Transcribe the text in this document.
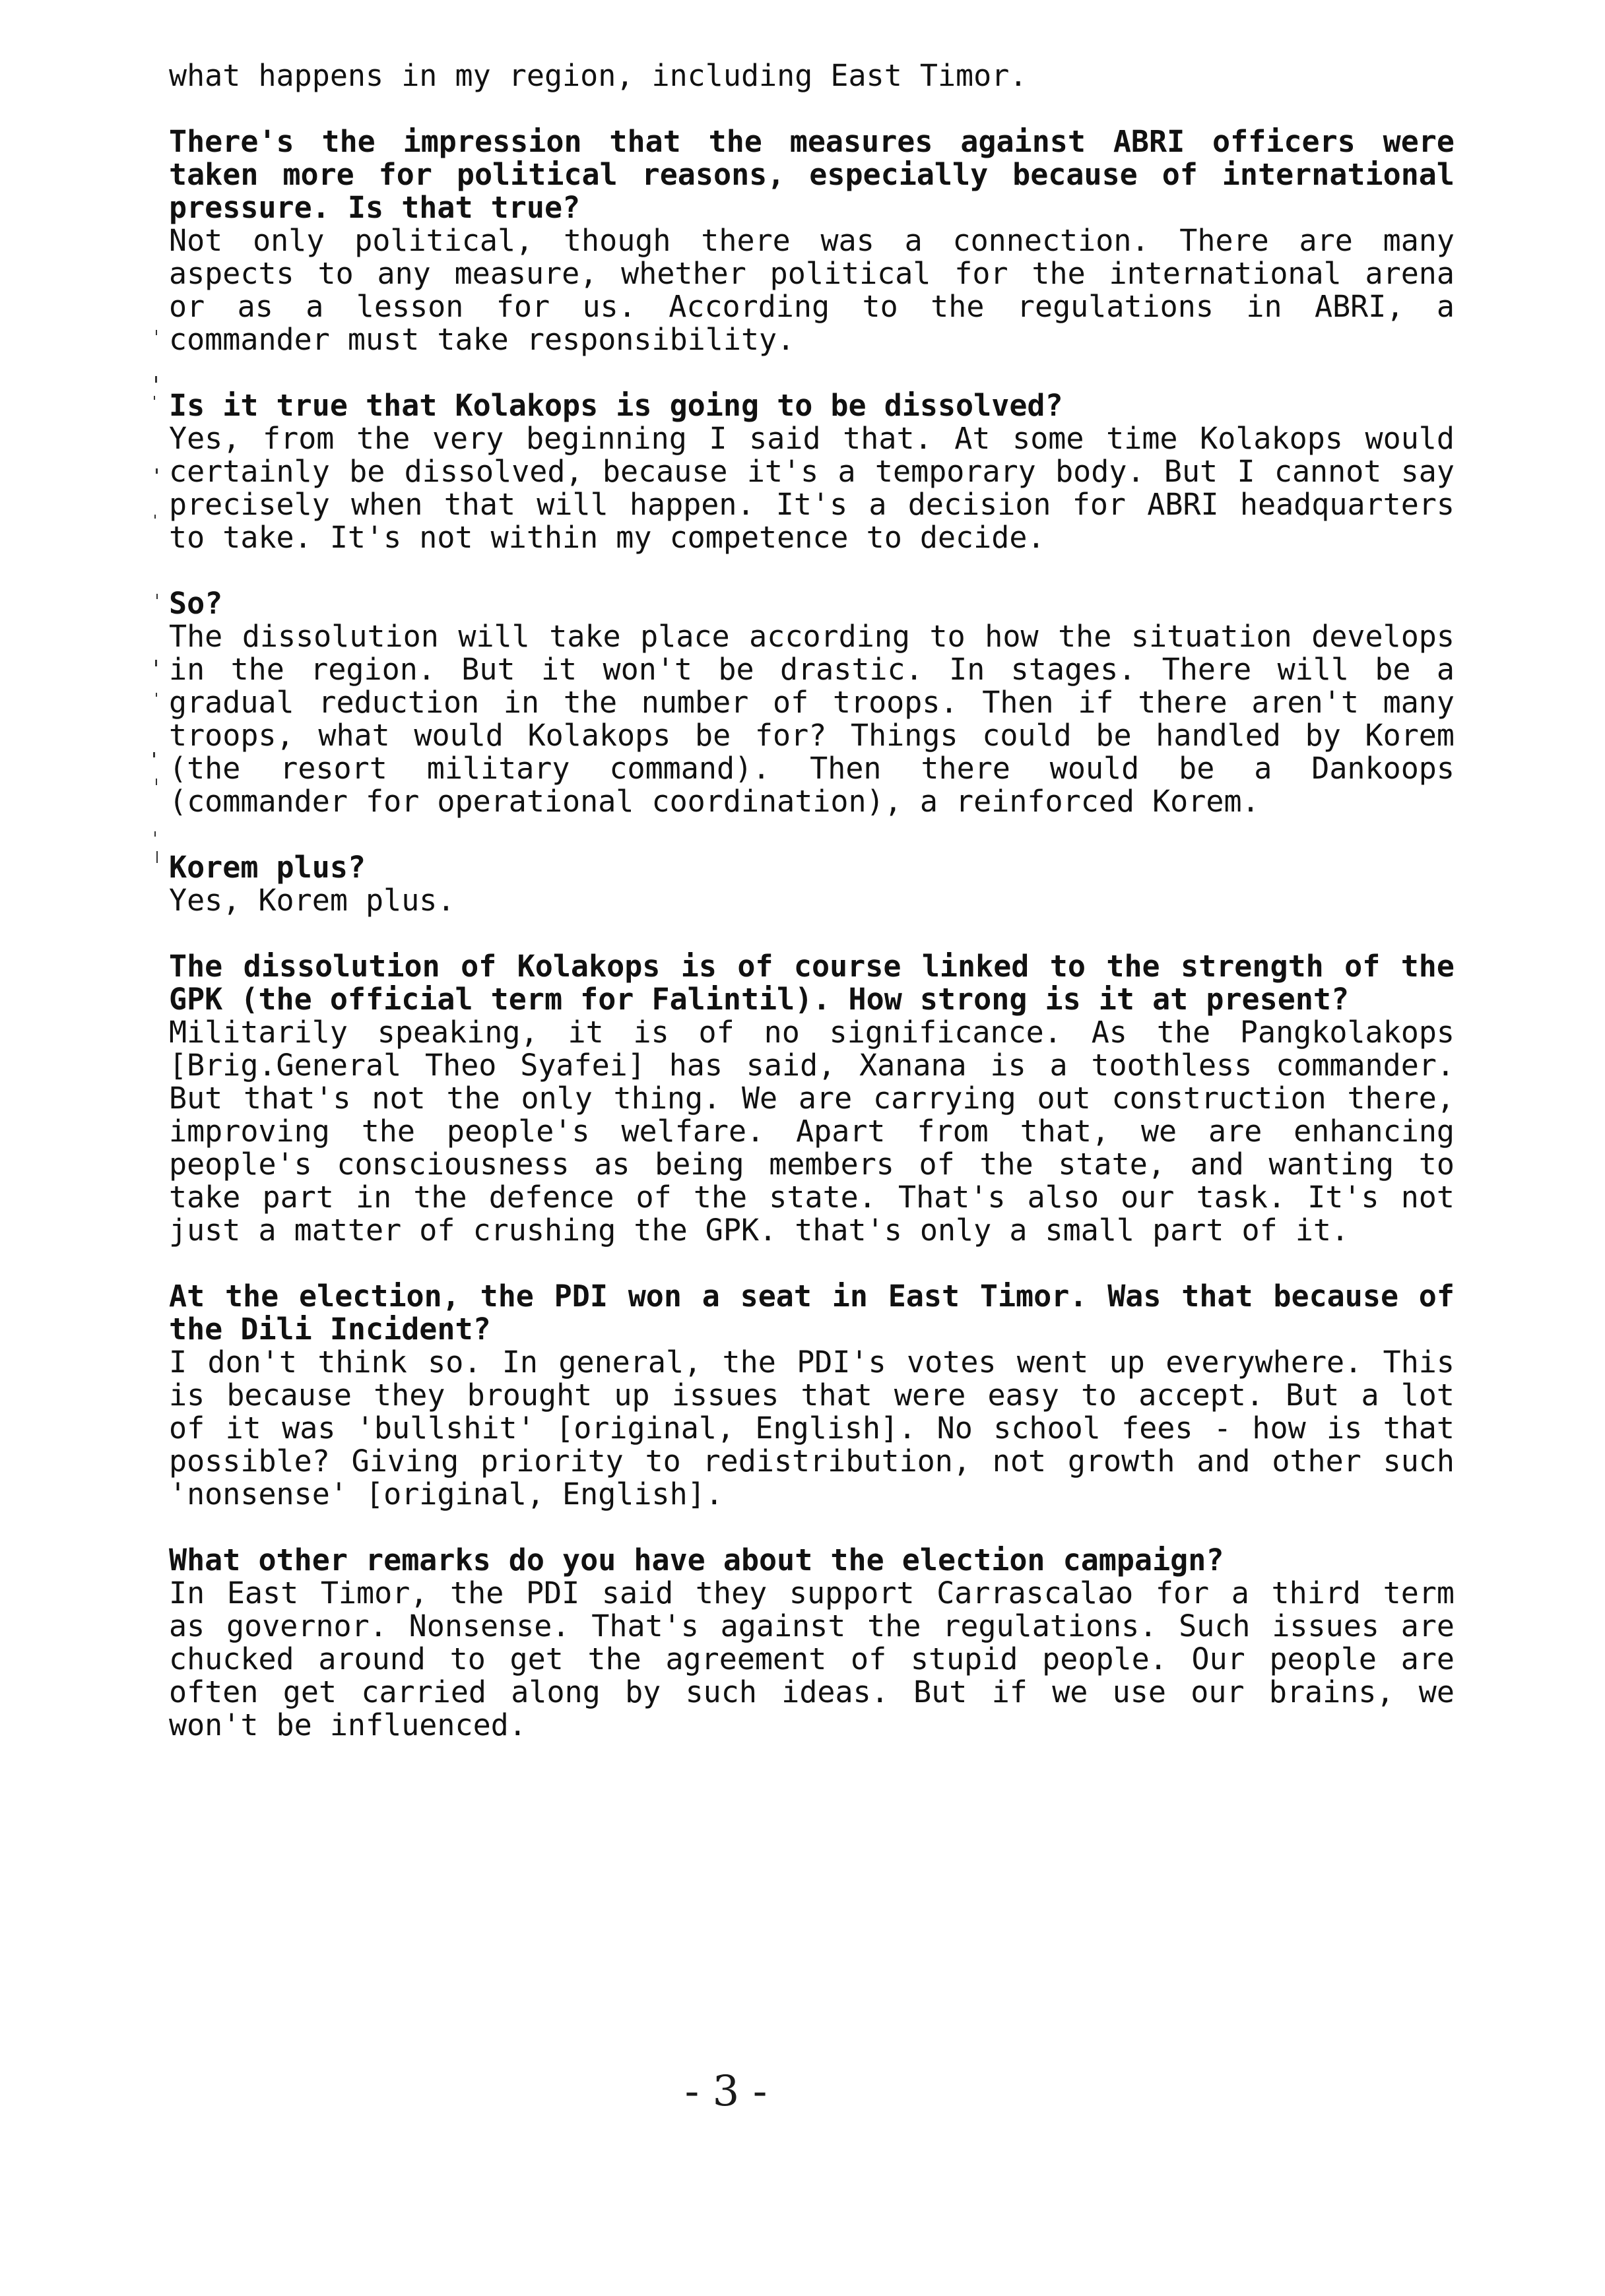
what happens in my region, including East Timor.

There's the impression that the measures against ABRI officers were taken more for political reasons, especially because of international pressure. Is that true?

Not only political, though there was a connection. There are many aspects to any measure, whether political for the international arena or as a lesson for us. According to the regulations in ABRI, a commander must take responsibility.

Is it true that Kolakops is going to be dissolved?

Yes, from the very beginning I said that. At some time Kolakops would certainly be dissolved, because it's a temporary body. But I cannot say precisely when that will happen. It's a decision for ABRI headquarters to take. It's not within my competence to decide.

So?

The dissolution will take place according to how the situation develops in the region. But it won't be drastic. In stages. There will be a gradual reduction in the number of troops. Then if there aren't many troops, what would Kolakops be for? Things could be handled by Korem (the resort military command). Then there would be a Dankoops (commander for operational coordination), a reinforced Korem.

Korem plus?

Yes, Korem plus.

The dissolution of Kolakops is of course linked to the strength of the GPK (the official term for Falintil). How strong is it at present?

Militarily speaking, it is of no significance. As the Pangkolakops [Brig.General Theo Syafei] has said, Xanana is a toothless commander. But that's not the only thing. We are carrying out construction there, improving the people's welfare. Apart from that, we are enhancing people's consciousness as being members of the state, and wanting to take part in the defence of the state. That's also our task. It's not just a matter of crushing the GPK. that's only a small part of it.

At the election, the PDI won a seat in East Timor. Was that because of the Dili Incident?

I don't think so. In general, the PDI's votes went up everywhere. This is because they brought up issues that were easy to accept. But a lot of it was 'bullshit' [original, English]. No school fees - how is that possible? Giving priority to redistribution, not growth and other such 'nonsense' [original, English].

What other remarks do you have about the election campaign?

In East Timor, the PDI said they support Carrascalao for a third term as governor. Nonsense. That's against the regulations. Such issues are chucked around to get the agreement of stupid people. Our people are often get carried along by such ideas. But if we use our brains, we won't be influenced.

- 3 -
